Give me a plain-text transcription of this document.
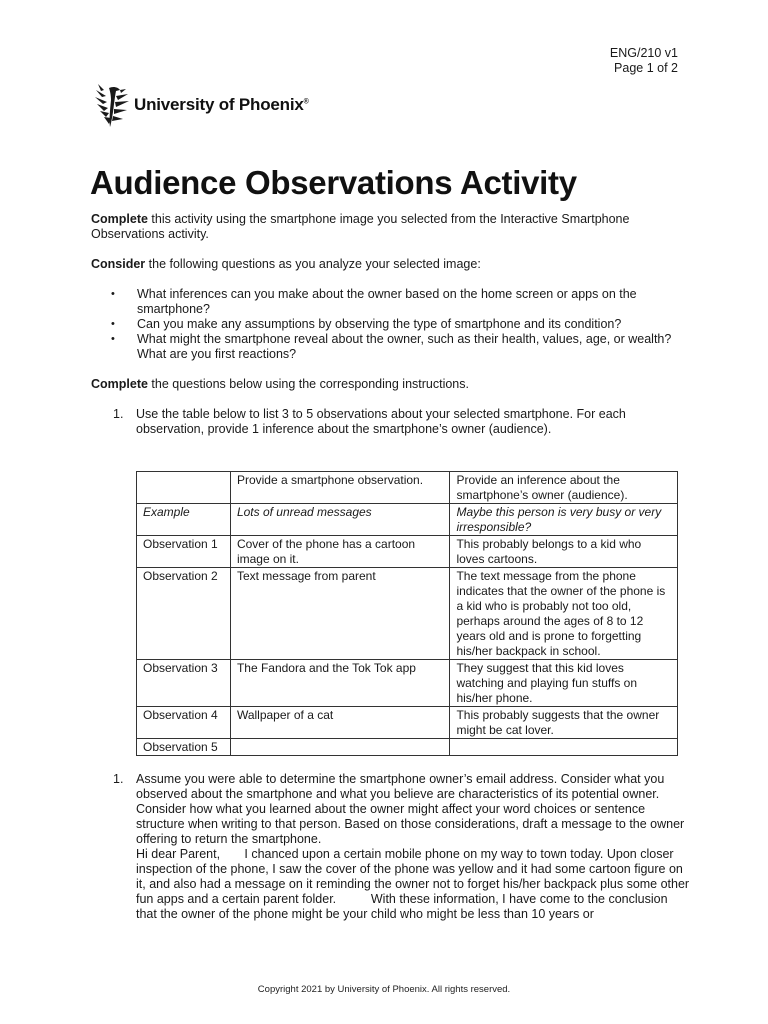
ENG/210 v1
Page 1 of 2
University of Phoenix®
Audience Observations Activity

Complete this activity using the smartphone image you selected from the Interactive Smartphone Observations activity.

Consider the following questions as you analyze your selected image:

• What inferences can you make about the owner based on the home screen or apps on the smartphone?
• Can you make any assumptions by observing the type of smartphone and its condition?
• What might the smartphone reveal about the owner, such as their health, values, age, or wealth? What are you first reactions?

Complete the questions below using the corresponding instructions.

1. Use the table below to list 3 to 5 observations about your selected smartphone. For each observation, provide 1 inference about the smartphone’s owner (audience).
	Provide a smartphone observation.	Provide an inference about the smartphone’s owner (audience).
Example	Lots of unread messages	Maybe this person is very busy or very irresponsible?
Observation 1	Cover of the phone has a cartoon image on it.	This probably belongs to a kid who loves cartoons.
Observation 2	Text message from parent	The text message from the phone indicates that the owner of the phone is a kid who is probably not too old, perhaps around the ages of 8 to 12 years old and is prone to forgetting his/her backpack in school.
Observation 3	The Fandora and the Tok Tok app	They suggest that this kid loves watching and playing fun stuffs on his/her phone.
Observation 4	Wallpaper of a cat	This probably suggests that the owner might be cat lover.
Observation 5		
1. Assume you were able to determine the smartphone owner’s email address. Consider what you observed about the smartphone and what you believe are characteristics of its potential owner. Consider how what you learned about the owner might affect your word choices or sentence structure when writing to that person. Based on those considerations, draft a message to the owner offering to return the smartphone.
Hi dear Parent,       I chanced upon a certain mobile phone on my way to town today. Upon closer inspection of the phone, I saw the cover of the phone was yellow and it had some cartoon figure on it, and also had a message on it reminding the owner not to forget his/her backpack plus some other fun apps and a certain parent folder.          With these information, I have come to the conclusion that the owner of the phone might be your child who might be less than 10 years or
Copyright 2021 by University of Phoenix. All rights reserved.
